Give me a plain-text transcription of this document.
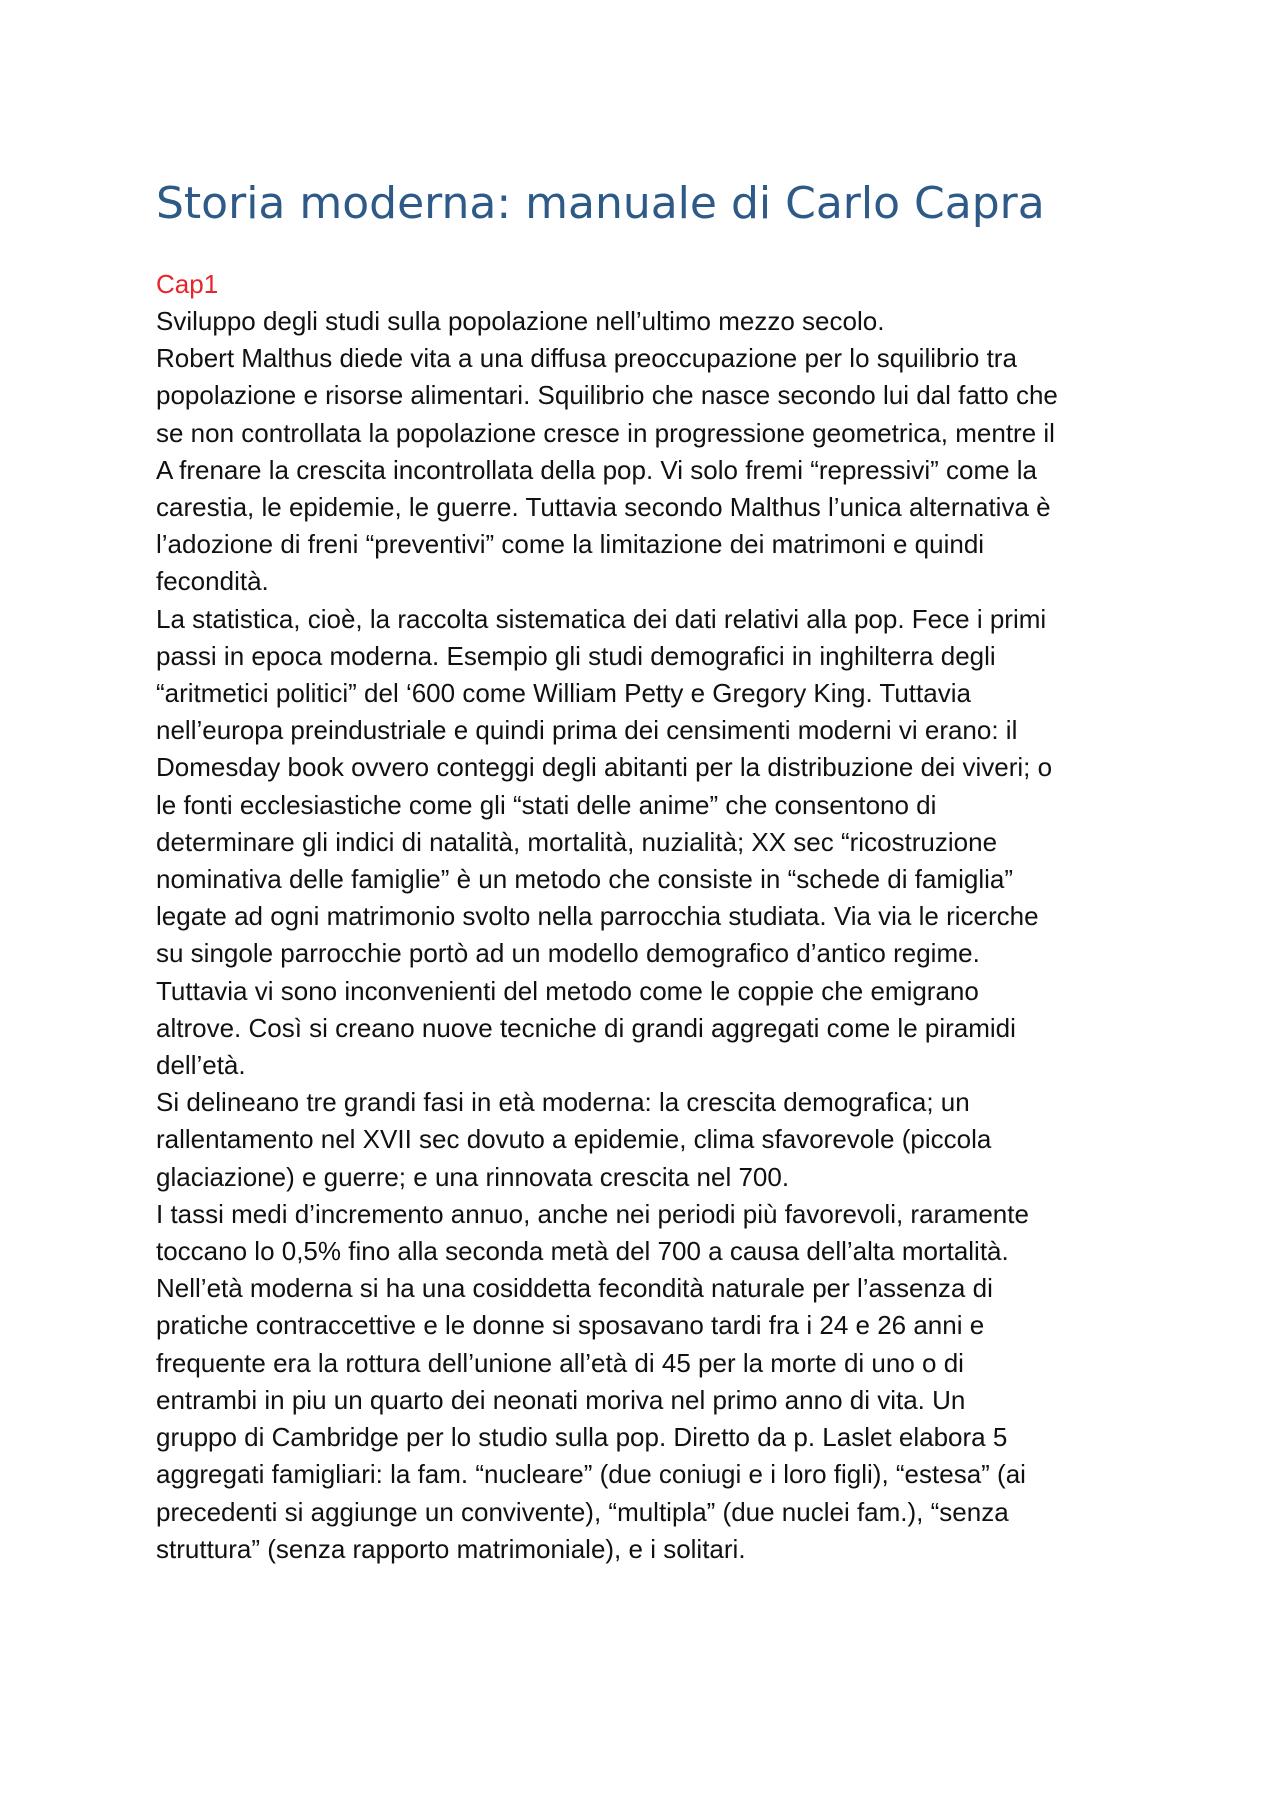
Storia moderna: manuale di Carlo Capra

Cap1

Sviluppo degli studi sulla popolazione nell’ultimo mezzo secolo.

Robert Malthus diede vita a una diffusa preoccupazione per lo squilibrio tra

popolazione e risorse alimentari. Squilibrio che nasce secondo lui dal fatto che

se non controllata la popolazione cresce in progressione geometrica, mentre il

A frenare la crescita incontrollata della pop. Vi solo fremi “repressivi” come la

carestia, le epidemie, le guerre. Tuttavia secondo Malthus l’unica alternativa è

l’adozione di freni “preventivi” come la limitazione dei matrimoni e quindi

fecondità.

La statistica, cioè, la raccolta sistematica dei dati relativi alla pop. Fece i primi

passi in epoca moderna. Esempio gli studi demografici in inghilterra degli

“aritmetici politici” del ‘600 come William Petty e Gregory King. Tuttavia

nell’europa preindustriale e quindi prima dei censimenti moderni vi erano: il

Domesday book ovvero conteggi degli abitanti per la distribuzione dei viveri; o

le fonti ecclesiastiche come gli “stati delle anime” che consentono di

determinare gli indici di natalità, mortalità, nuzialità; XX sec “ricostruzione

nominativa delle famiglie” è un metodo che consiste in “schede di famiglia”

legate ad ogni matrimonio svolto nella parrocchia studiata. Via via le ricerche

su singole parrocchie portò ad un modello demografico d’antico regime.

Tuttavia vi sono inconvenienti del metodo come le coppie che emigrano

altrove. Così si creano nuove tecniche di grandi aggregati come le piramidi

dell’età.

Si delineano tre grandi fasi in età moderna: la crescita demografica; un

rallentamento nel XVII sec dovuto a epidemie, clima sfavorevole (piccola

glaciazione) e guerre; e una rinnovata crescita nel 700.

I tassi medi d’incremento annuo, anche nei periodi più favorevoli, raramente

toccano lo 0,5% fino alla seconda metà del 700 a causa dell’alta mortalità.

Nell’età moderna si ha una cosiddetta fecondità naturale per l’assenza di

pratiche contraccettive e le donne si sposavano tardi fra i 24 e 26 anni e

frequente era la rottura dell’unione all’età di 45 per la morte di uno o di

entrambi in piu un quarto dei neonati moriva nel primo anno di vita. Un

gruppo di Cambridge per lo studio sulla pop. Diretto da p. Laslet elabora 5

aggregati famigliari: la fam. “nucleare” (due coniugi e i loro figli), “estesa” (ai

precedenti si aggiunge un convivente), “multipla” (due nuclei fam.), “senza

struttura” (senza rapporto matrimoniale), e i solitari.
